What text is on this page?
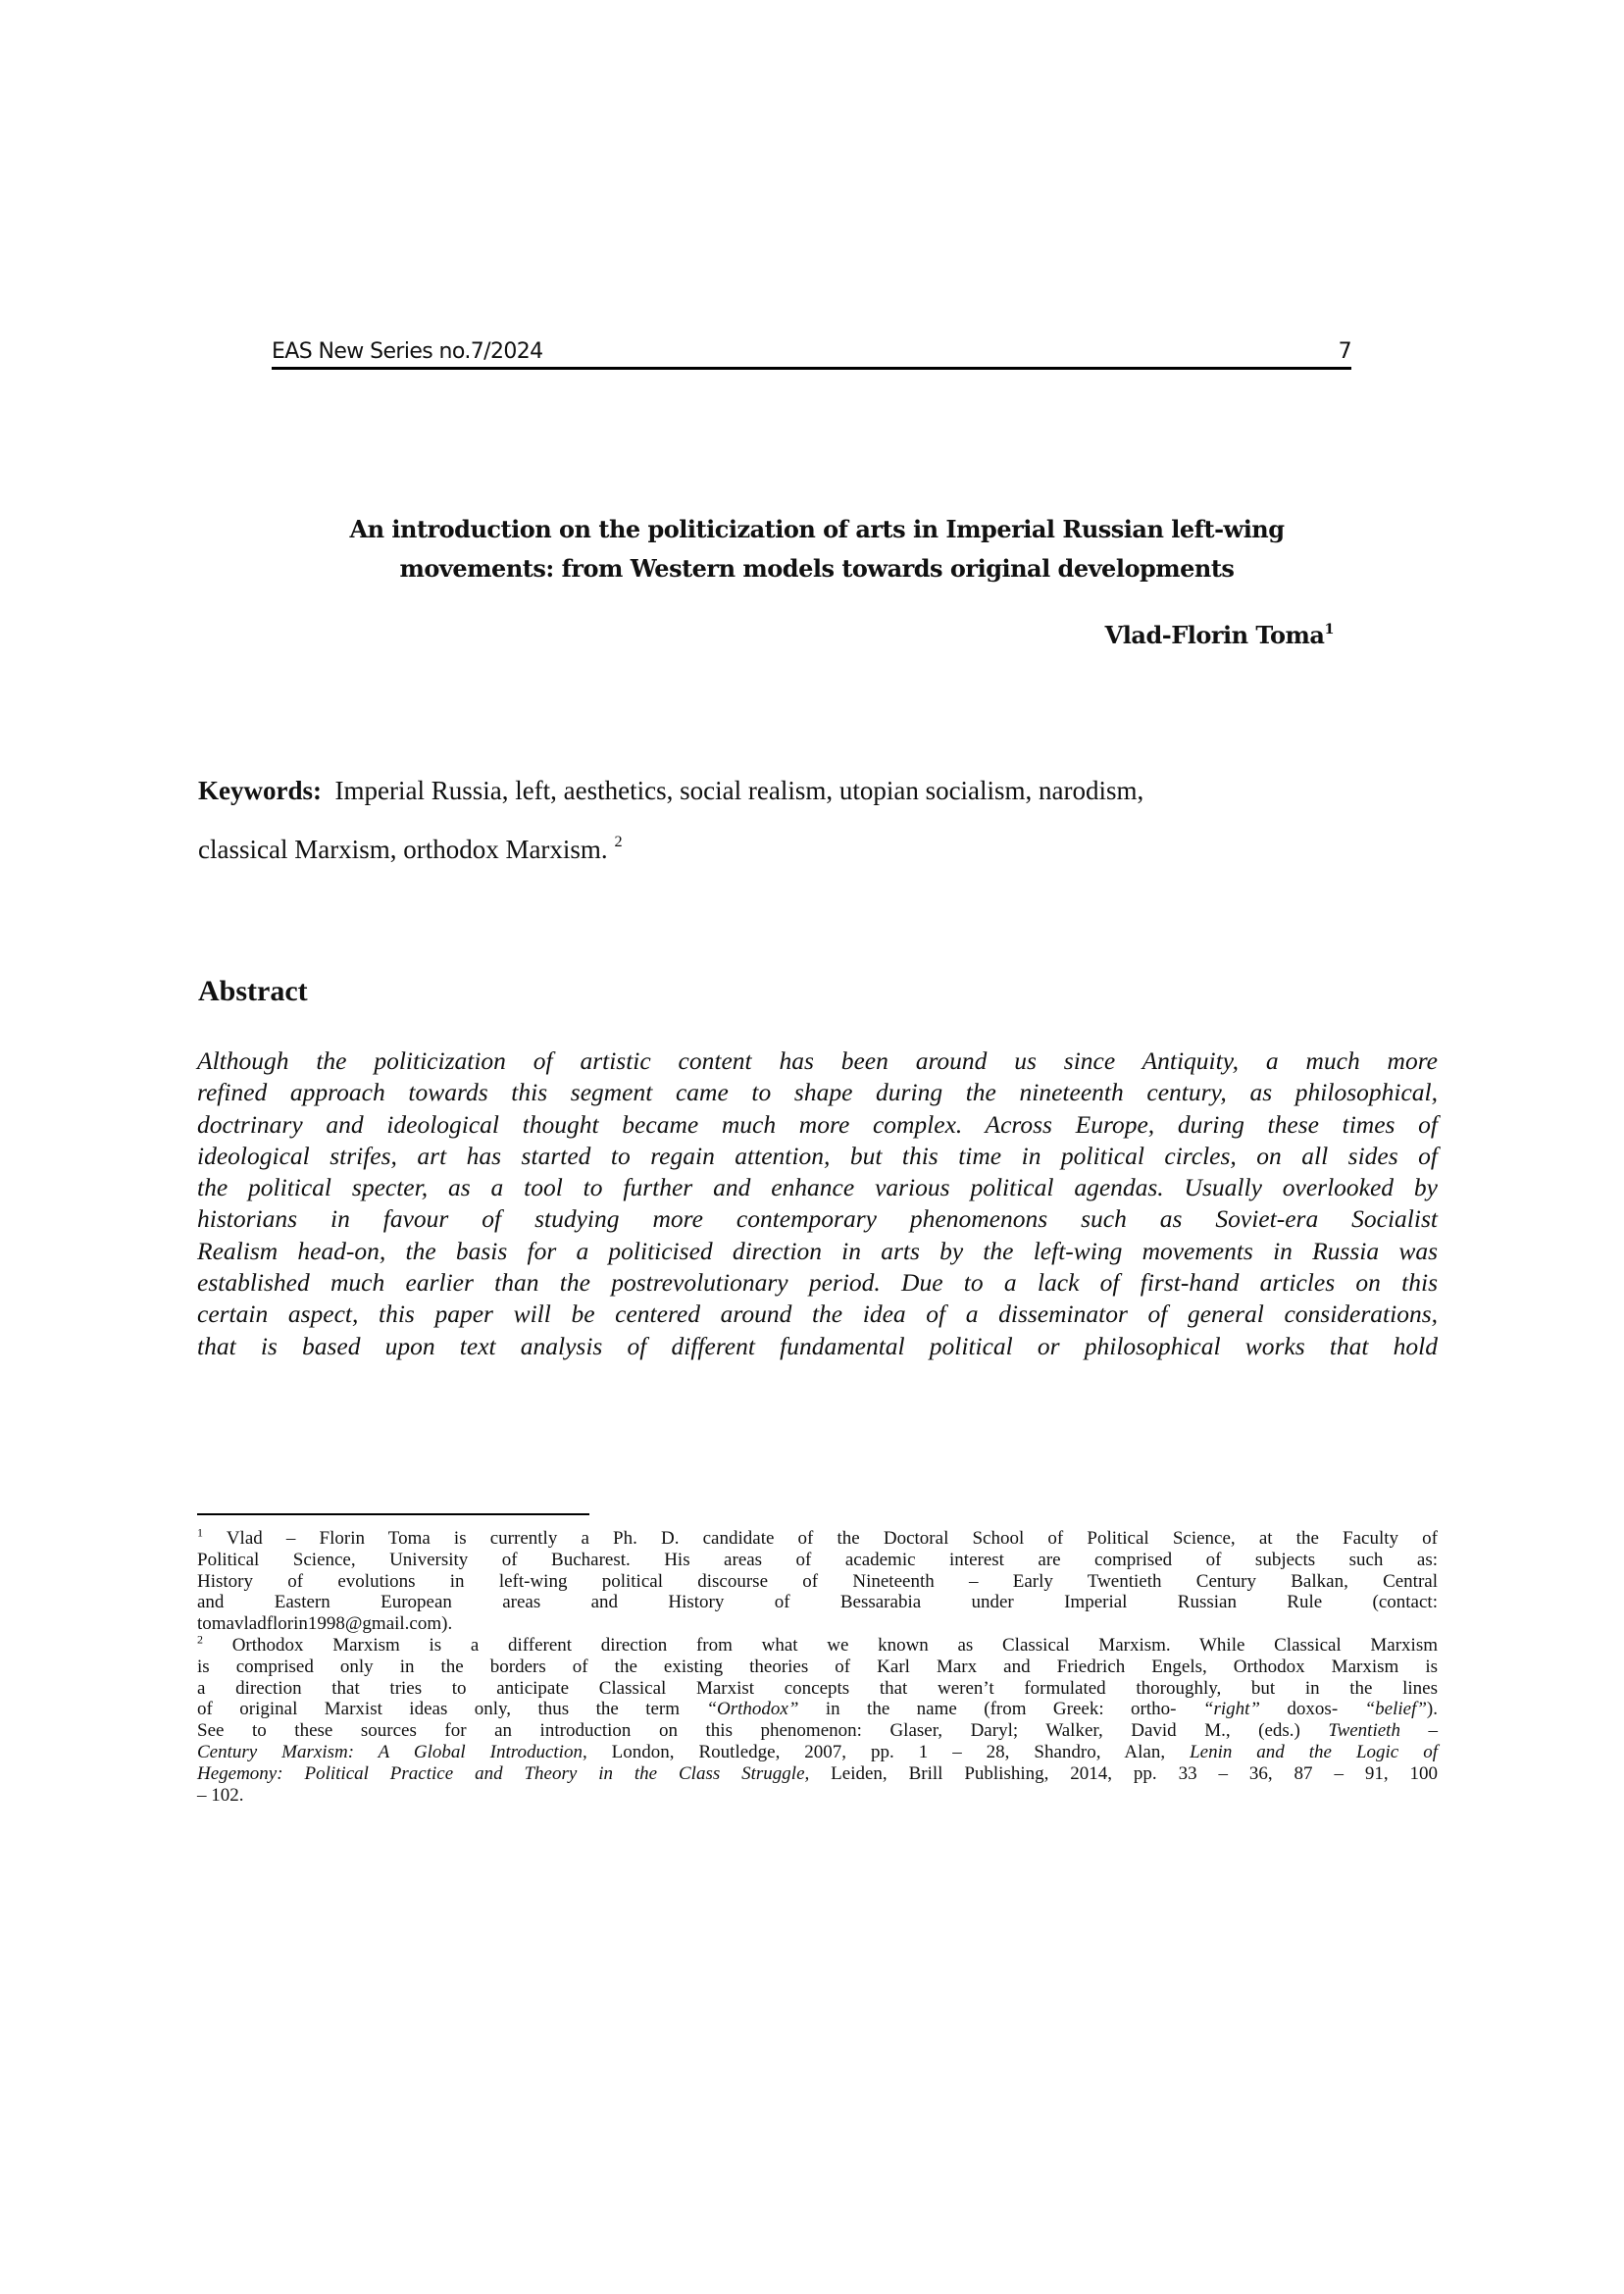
EAS New Series no.7/2024	7
An introduction on the politicization of arts in Imperial Russian left-wing
movements: from Western models towards original developments
Vlad-Florin Toma$^1$
Keywords: Imperial Russia, left, aesthetics, social realism, utopian socialism, narodism,
classical Marxism, orthodox Marxism. $^2$
Abstract
Although the politicization of artistic content has been around us since Antiquity, a much more
refined approach towards this segment came to shape during the nineteenth century, as philosophical,
doctrinary and ideological thought became much more complex. Across Europe, during these times of
ideological strifes, art has started to regain attention, but this time in political circles, on all sides of
the political specter, as a tool to further and enhance various political agendas. Usually overlooked by
historians in favour of studying more contemporary phenomenons such as Soviet-era Socialist
Realism head-on, the basis for a politicised direction in arts by the left-wing movements in Russia was
established much earlier than the postrevolutionary period. Due to a lack of first-hand articles on this
certain aspect, this paper will be centered around the idea of a disseminator of general considerations,
that is based upon text analysis of different fundamental political or philosophical works that hold
$^1$ Vlad – Florin Toma is currently a Ph. D. candidate of the Doctoral School of Political Science, at the Faculty of
Political Science, University of Bucharest. His areas of academic interest are comprised of subjects such as:
History of evolutions in left-wing political discourse of Nineteenth – Early Twentieth Century Balkan, Central
and Eastern European areas and History of Bessarabia under Imperial Russian Rule (contact:
tomavladflorin1998@gmail.com).
$^2$ Orthodox Marxism is a different direction from what we known as Classical Marxism. While Classical Marxism
is comprised only in the borders of the existing theories of Karl Marx and Friedrich Engels, Orthodox Marxism is
a direction that tries to anticipate Classical Marxist concepts that weren’t formulated thoroughly, but in the lines
of original Marxist ideas only, thus the term “Orthodox” in the name (from Greek: ortho- “right” doxos- “belief”).
See to these sources for an introduction on this phenomenon: Glaser, Daryl; Walker, David M., (eds.) Twentieth –
Century Marxism: A Global Introduction, London, Routledge, 2007, pp. 1 – 28, Shandro, Alan, Lenin and the Logic of
Hegemony: Political Practice and Theory in the Class Struggle, Leiden, Brill Publishing, 2014, pp. 33 – 36, 87 – 91, 100
– 102.
